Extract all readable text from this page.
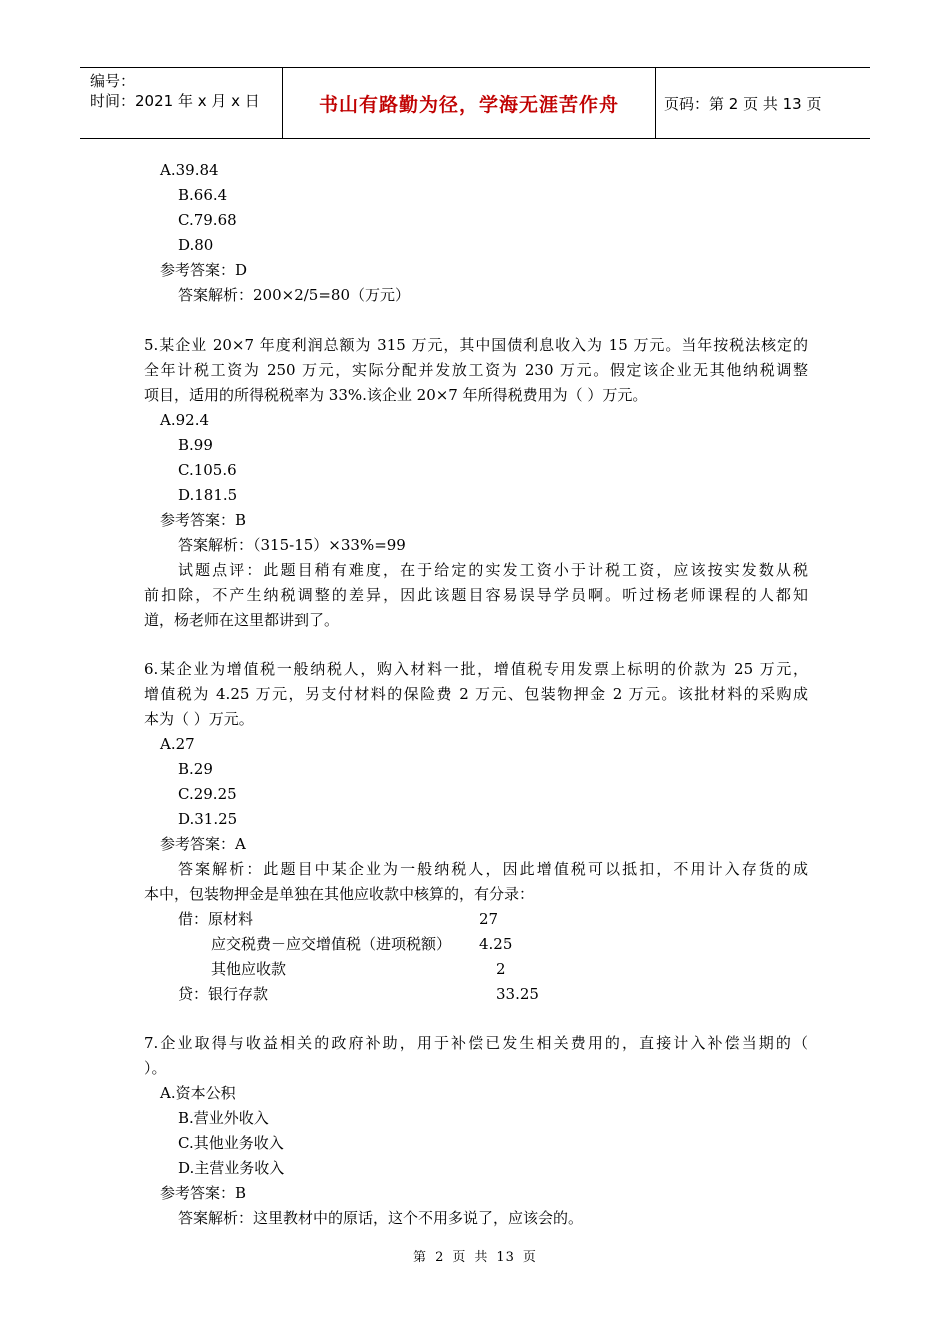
编号：
时间：2021 年 x 月 x 日	书山有路勤为径，学海无涯苦作舟	页码：第 2 页 共 13 页
A.39.84
B.66.4
C.79.68
D.80
参考答案：D
答案解析：200×2/5=80（万元）
5.某企业 20×7 年度利润总额为 315 万元，其中国债利息收入为 15 万元。当年按税法核定的
全年计税工资为 250 万元，实际分配并发放工资为 230 万元。假定该企业无其他纳税调整
项目，适用的所得税税率为 33%.该企业 20×7 年所得税费用为（ ）万元。
A.92.4
B.99
C.105.6
D.181.5
参考答案：B
答案解析：（315-15）×33%=99
试题点评：此题目稍有难度，在于给定的实发工资小于计税工资，应该按实发数从税
前扣除，不产生纳税调整的差异，因此该题目容易误导学员啊。听过杨老师课程的人都知
道，杨老师在这里都讲到了。
6.某企业为增值税一般纳税人，购入材料一批，增值税专用发票上标明的价款为 25 万元，
增值税为 4.25 万元，另支付材料的保险费 2 万元、包装物押金 2 万元。该批材料的采购成
本为（ ）万元。
A.27
B.29
C.29.25
D.31.25
参考答案：A
答案解析：此题目中某企业为一般纳税人，因此增值税可以抵扣，不用计入存货的成
本中，包装物押金是单独在其他应收款中核算的，有分录：
借：原材料	27
应交税费－应交增值税（进项税额） 4.25
其他应收款	2
贷：银行存款	33.25
7.企业取得与收益相关的政府补助，用于补偿已发生相关费用的，直接计入补偿当期的（
）。
A.资本公积
B.营业外收入
C.其他业务收入
D.主营业务收入
参考答案：B
答案解析：这里教材中的原话，这个不用多说了，应该会的。
第 2 页 共 13 页
